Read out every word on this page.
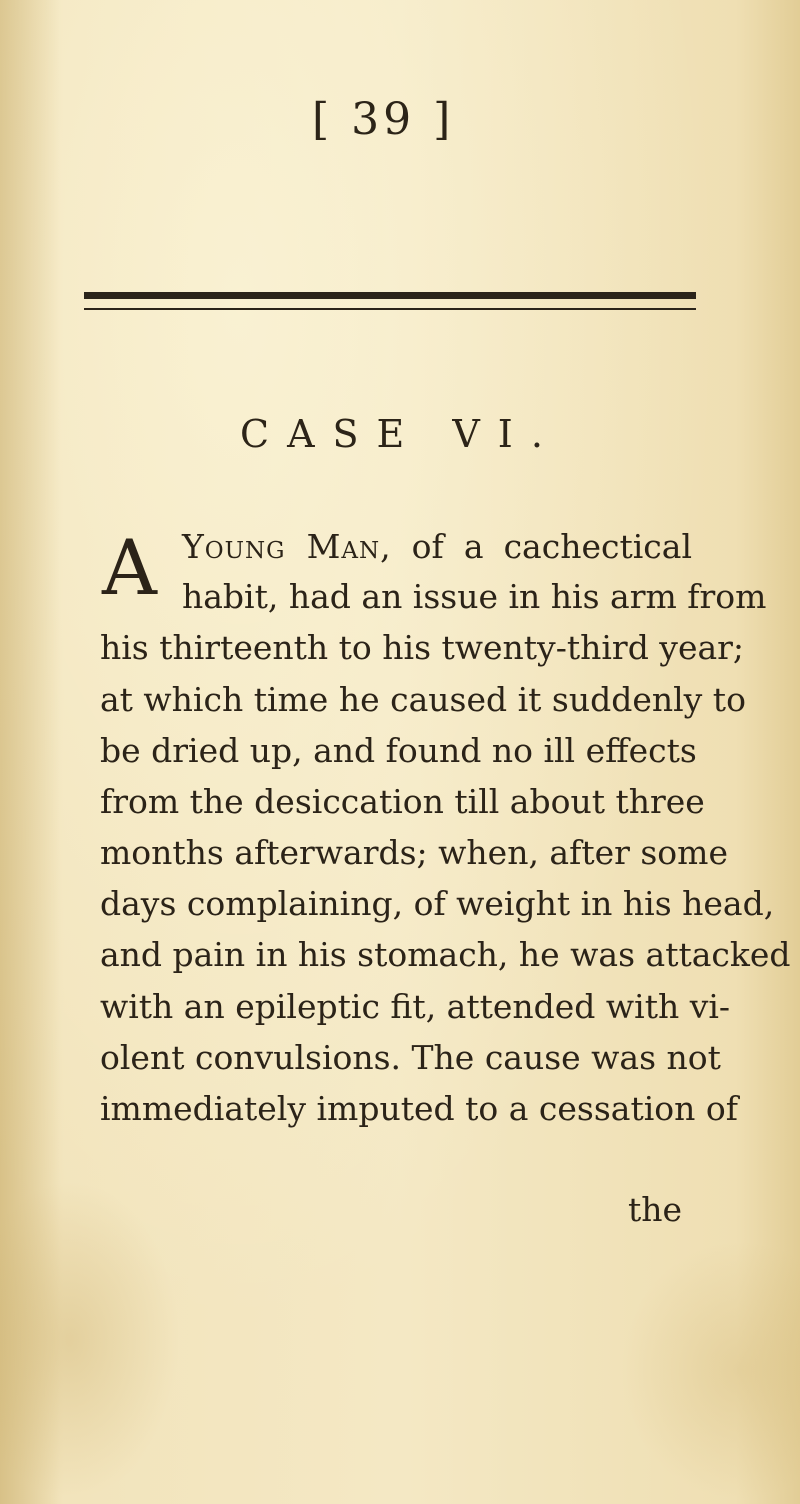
[ 39 ]
CASE VI.
A Young Man, of a cachectical
habit, had an issue in his arm from
his thirteenth to his twenty-third year;
at which time he caused it suddenly to
be dried up, and found no ill effects
from the desiccation till about three
months afterwards; when, after some
days complaining, of weight in his head,
and pain in his stomach, he was attacked
with an epileptic fit, attended with vi-
olent convulsions. The cause was not
immediately imputed to a cessation of
the
